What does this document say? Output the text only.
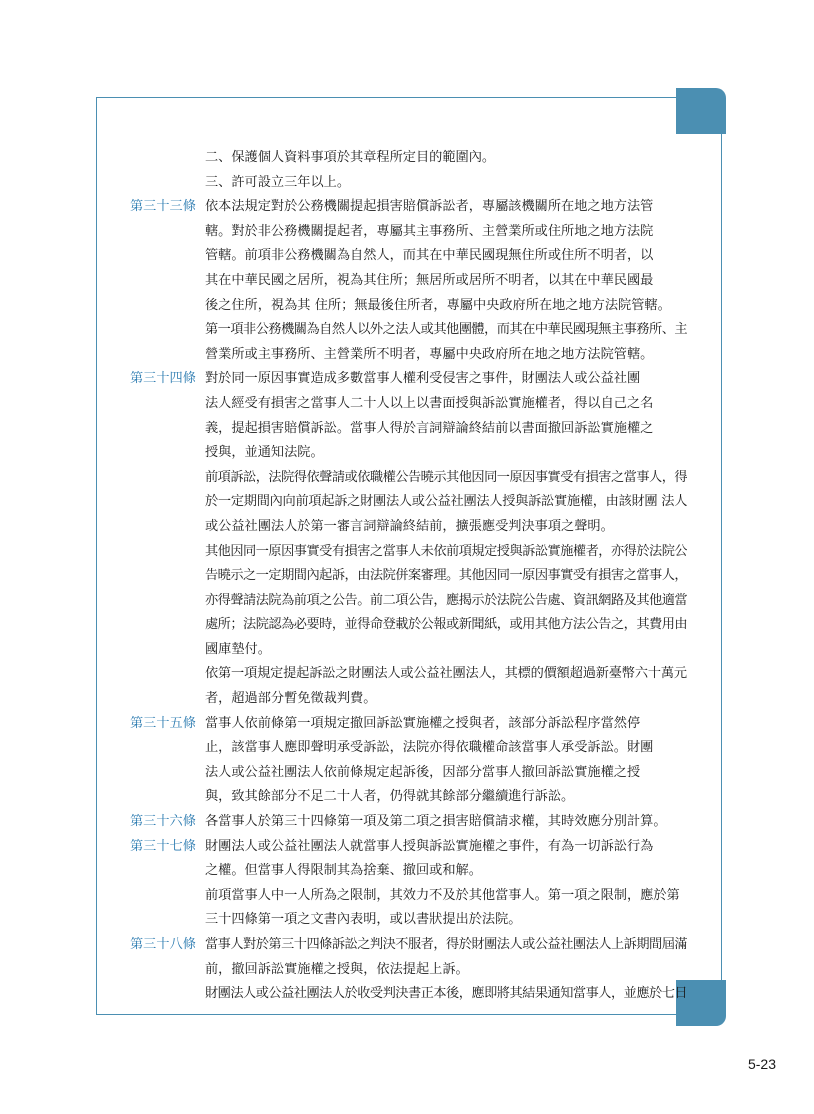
二、保護個人資料事項於其章程所定目的範圍內。
三、許可設立三年以上。
第三十三條 依本法規定對於公務機關提起損害賠償訴訟者，專屬該機關所在地之地方法管
轄。對於非公務機關提起者，專屬其主事務所、主營業所或住所地之地方法院
管轄。前項非公務機關為自然人，而其在中華民國現無住所或住所不明者，以
其在中華民國之居所，視為其住所；無居所或居所不明者，以其在中華民國最
後之住所，視為其 住所；無最後住所者，專屬中央政府所在地之地方法院管轄。
第一項非公務機關為自然人以外之法人或其他團體，而其在中華民國現無主事務所、主
營業所或主事務所、主營業所不明者，專屬中央政府所在地之地方法院管轄。
第三十四條 對於同一原因事實造成多數當事人權利受侵害之事件，財團法人或公益社團
法人經受有損害之當事人二十人以上以書面授與訴訟實施權者，得以自己之名
義，提起損害賠償訴訟。當事人得於言詞辯論終結前以書面撤回訴訟實施權之
授與，並通知法院。
前項訴訟，法院得依聲請或依職權公告曉示其他因同一原因事實受有損害之當事人，得
於一定期間內向前項起訴之財團法人或公益社團法人授與訴訟實施權，由該財團 法人
或公益社團法人於第一審言詞辯論終結前，擴張應受判決事項之聲明。
其他因同一原因事實受有損害之當事人未依前項規定授與訴訟實施權者，亦得於法院公
告曉示之一定期間內起訴，由法院併案審理。其他因同一原因事實受有損害之當事人，
亦得聲請法院為前項之公告。前二項公告，應揭示於法院公告處、資訊網路及其他適當
處所；法院認為必要時，並得命登載於公報或新聞紙，或用其他方法公告之，其費用由
國庫墊付。
依第一項規定提起訴訟之財團法人或公益社團法人，其標的價額超過新臺幣六十萬元
者，超過部分暫免徵裁判費。
第三十五條 當事人依前條第一項規定撤回訴訟實施權之授與者，該部分訴訟程序當然停
止，該當事人應即聲明承受訴訟，法院亦得依職權命該當事人承受訴訟。財團
法人或公益社團法人依前條規定起訴後，因部分當事人撤回訴訟實施權之授
與，致其餘部分不足二十人者，仍得就其餘部分繼續進行訴訟。
第三十六條 各當事人於第三十四條第一項及第二項之損害賠償請求權，其時效應分別計算。
第三十七條 財團法人或公益社團法人就當事人授與訴訟實施權之事件，有為一切訴訟行為
之權。但當事人得限制其為捨棄、撤回或和解。
前項當事人中一人所為之限制，其效力不及於其他當事人。第一項之限制，應於第
三十四條第一項之文書內表明，或以書狀提出於法院。
第三十八條 當事人對於第三十四條訴訟之判決不服者，得於財團法人或公益社團法人上訴期間屆滿
前，撤回訴訟實施權之授與，依法提起上訴。
財團法人或公益社團法人於收受判決書正本後，應即將其結果通知當事人，並應於七日
5-23
